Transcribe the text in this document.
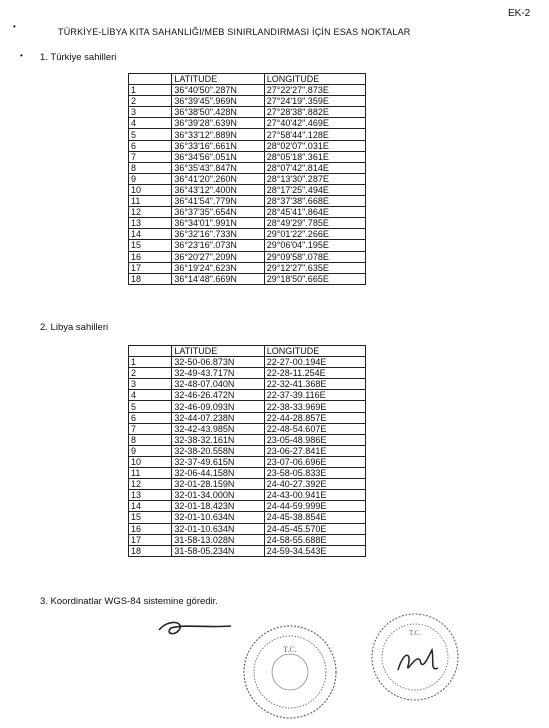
EK-2
•
TÜRKİYE-LİBYA KITA SAHANLIĞI/MEB SINIRLANDIRMASI İÇİN ESAS NOKTALAR
• 1. Türkiye sahilleri
	LATITUDE	LONGITUDE
1	36°40'50".287N	27°22'27".873E
2	36°39'45".969N	27°24'19".359E
3	36°38'50".428N	27°28'38".882E
4	36°39'28".639N	27°40'42".469E
5	36°33'12".889N	27°58'44".128E
6	36°33'16".661N	28°02'07".031E
7	36°34'56".051N	28°05'18".361E
8	36°35'43".847N	28°07'42".814E
9	36°41'20".260N	28°13'30".287E
10	36°43'12".400N	28°17'25".494E
11	36°41'54".779N	28°37'38".668E
12	36°37'35".654N	28°45'41".864E
13	36°34'01".991N	28°49'29".785E
14	36°32'16".733N	29°01'22".266E
15	36°23'16".073N	29°06'04".195E
16	36°20'27".209N	29°09'58".078E
17	36°19'24".623N	29°12'27".635E
18	36°14'48".669N	29°18'50".665E
2. Libya sahilleri
	LATITUDE	LONGITUDE
1	32-50-06.873N	22-27-00.194E
2	32-49-43.717N	22-28-11.254E
3	32-48-07.040N	22-32-41.368E
4	32-46-26.472N	22-37-39.116E
5	32-46-09.093N	22-38-33.969E
6	32-44-07.238N	22-44-28.857E
7	32-42-43.985N	22-48-54.607E
8	32-38-32.161N	23-05-48.986E
9	32-38-20.558N	23-06-27.841E
10	32-37-49.615N	23-07-06.696E
11	32-06-44.158N	23-58-05.833E
12	32-01-28.159N	24-40-27.392E
13	32-01-34.000N	24-43-00.941E
14	32-01-18.423N	24-44-59.999E
15	32-01-10.634N	24-45-38.854E
16	32-01-10.634N	24-45-45.570E
17	31-58-13.028N	24-58-55.688E
18	31-58-05.234N	24-59-34.543E
3. Koordinatlar WGS-84 sistemine göredir.
T.C.
T.C.
